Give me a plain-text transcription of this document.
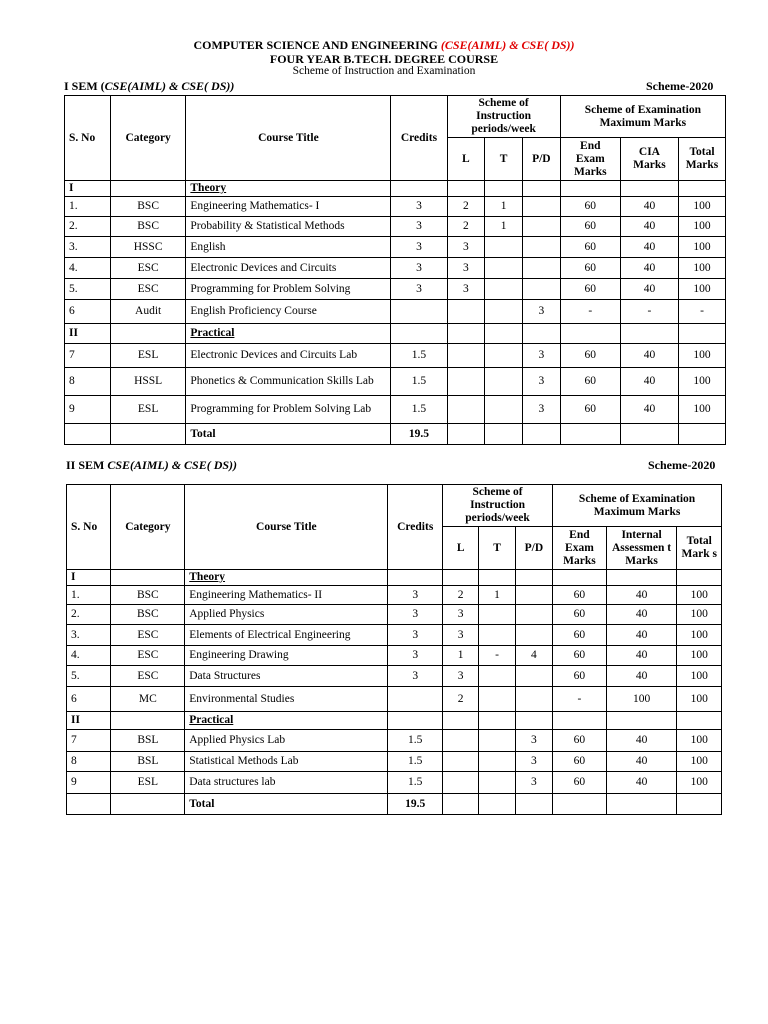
COMPUTER SCIENCE AND ENGINEERING (CSE(AIML) & CSE( DS))
FOUR YEAR B.TECH. DEGREE COURSE
Scheme of Instruction and Examination
I SEM (CSE(AIML) & CSE( DS))	Scheme-2020
S. No	Category	Course Title	Credits	Scheme of Instruction periods/week			Scheme of Examination Maximum Marks		
				L	T	P/D	End Exam Marks	CIA Marks	Total Marks
I		Theory							
1.	BSC	Engineering Mathematics- I	3	2	1		60	40	100
2.	BSC	Probability & Statistical Methods	3	2	1		60	40	100
3.	HSSC	English	3	3			60	40	100
4.	ESC	Electronic Devices and Circuits	3	3			60	40	100
5.	ESC	Programming for Problem Solving	3	3			60	40	100
6	Audit	English Proficiency Course				3	-	-	-
II		Practical							
7	ESL	Electronic Devices and Circuits Lab	1.5			3	60	40	100
8	HSSL	Phonetics & Communication Skills Lab	1.5			3	60	40	100
9	ESL	Programming for Problem Solving Lab	1.5			3	60	40	100
		Total	19.5						
II SEM CSE(AIML) & CSE( DS))	Scheme-2020
S. No	Category	Course Title	Credits	Scheme of Instruction periods/week			Scheme of Examination Maximum Marks		
				L	T	P/D	End Exam Marks	Internal Assessmen t Marks	Total Mark s
I		Theory							
1.	BSC	Engineering Mathematics- II	3	2	1		60	40	100
2.	BSC	Applied Physics	3	3			60	40	100
3.	ESC	Elements of Electrical Engineering	3	3			60	40	100
4.	ESC	Engineering Drawing	3	1	-	4	60	40	100
5.	ESC	Data Structures	3	3			60	40	100
6	MC	Environmental Studies		2			-	100	100
II		Practical							
7	BSL	Applied Physics Lab	1.5			3	60	40	100
8	BSL	Statistical Methods Lab	1.5			3	60	40	100
9	ESL	Data structures lab	1.5			3	60	40	100
		Total	19.5						
